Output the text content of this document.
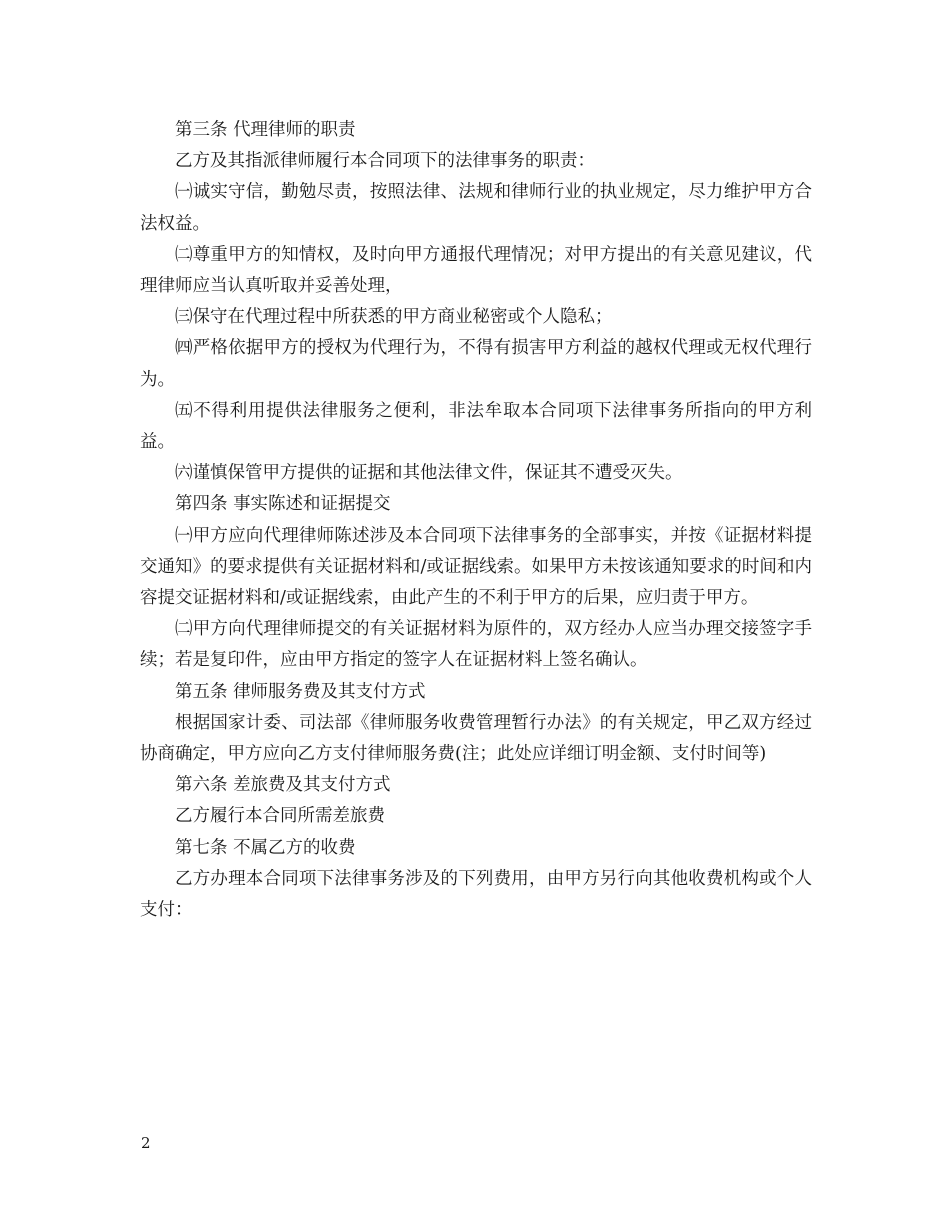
第三条 代理律师的职责

乙方及其指派律师履行本合同项下的法律事务的职责：

㈠诚实守信，勤勉尽责，按照法律、法规和律师行业的执业规定，尽力维护甲方合法权益。

㈡尊重甲方的知情权，及时向甲方通报代理情况；对甲方提出的有关意见建议，代理律师应当认真听取并妥善处理，

㈢保守在代理过程中所获悉的甲方商业秘密或个人隐私；

㈣严格依据甲方的授权为代理行为，不得有损害甲方利益的越权代理或无权代理行为。

㈤不得利用提供法律服务之便利，非法牟取本合同项下法律事务所指向的甲方利益。

㈥谨慎保管甲方提供的证据和其他法律文件，保证其不遭受灭失。

第四条 事实陈述和证据提交

㈠甲方应向代理律师陈述涉及本合同项下法律事务的全部事实，并按《证据材料提交通知》的要求提供有关证据材料和/或证据线索。如果甲方未按该通知要求的时间和内容提交证据材料和/或证据线索，由此产生的不利于甲方的后果，应归责于甲方。

㈡甲方向代理律师提交的有关证据材料为原件的，双方经办人应当办理交接签字手续；若是复印件，应由甲方指定的签字人在证据材料上签名确认。

第五条 律师服务费及其支付方式

根据国家计委、司法部《律师服务收费管理暂行办法》的有关规定，甲乙双方经过协商确定，甲方应向乙方支付律师服务费(注；此处应详细订明金额、支付时间等)

第六条 差旅费及其支付方式

乙方履行本合同所需差旅费

第七条 不属乙方的收费

乙方办理本合同项下法律事务涉及的下列费用，由甲方另行向其他收费机构或个人支付：

2
